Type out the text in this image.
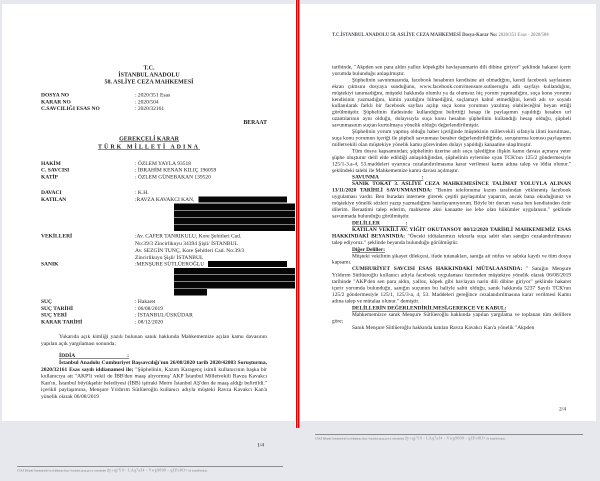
T.C.
İSTANBUL ANADOLU
58. ASLİYE CEZA MAHKEMESİ
DOSYA NO	: 2020/351 Esas
KARAR NO	: 2020/504
C.SAVCILIĞI ESAS NO	: 2020/32161
BERAAT
GEREKÇELİ KARAR
TÜRK MİLLETİ ADINA
HAKİM	: ÖZLEM YAYLA 93518
C. SAVCISI	: İBRAHİM KENAN KILIÇ 196059
KATİP	: ÖZLEM GÜNEBAKAN 139520
DAVACI	: K.H.
KATILAN	:RAVZA KAVAKCI KAN,
VEKİLLERİ	:Av. CAFER TANRIKULU, Kore Şehitleri Cad.
No:39/3 Zincirlikuyu 34394 Şişli/ İSTANBUL
Av. SEZGİN TUNÇ, Kore Şehitleri Cad. No:39/3
Zincirlikuyu Şişli/ İSTANBUL
SANIK	:MENŞURE SÜTLÜEROĞLU
SUÇ	: Hakaret
SUÇ TARİHİ	: 06/08/2019
SUÇ YERİ	: İSTANBUL/ÜSKÜDAR
KARAR TARİHİ	: 08/12/2020

Yukarıda açık kimliği yazılı bulunan sanık hakkında Mahkememize açılan kamu davasının yapılan açık yargılaması sonunda;

İDDİA                                      :

İstanbul Anadolu Cumhuriyet Başsavcılığı'nın 26/08/2020 tarih 2020/42083 Soruşturma, 2020/32161 Esas sayılı iddianamesi ile; "Şüphelinin, Kazım Karagenç isimli kullanıcının başka bir kullanıcıya ait "AKP'li vekil de İBB'den maaş alıyormuş' AKP İstanbul Milletvekili Ravza Kavakcı Kan'ın, İstanbul büyükşehir belediyesi (İBB) iştiraki Metro İstanbul AŞ'den de maaş aldığı belirtildi." içerikli paylaşımına, Menşure Yıldırım Sütlüeroğlu kullanıcı adıyla müşteki Ravza Kavakcı Kan'a yönelik olarak 06/08/2019

1/4
UYAP Bilişim Sistemindeki bu dokümana http://vatandas.uyap.gov.tr adresinden dy+qj/Y0 - LAq7aJ4 - Vwp9800 - qZPo8O= ile erişebilirsiniz.
T.C.İSTANBUL ANADOLU 58. ASLİYE CEZA MAHKEMESİ Dosya-Karar No: 2020/351 Esas - 2020/504

tarihinde, "Akpden sen para aldın yalloz köpekgibi havlayanmarin dili dibine giriyor" şeklinde hakaret içerir yorumda bulunduğu anlaşılmıştır.

Şüphelinin savunmasında, facebook hesabının kendisine ait olmadığını, kendi facebook sayfasının ekran çıktısını dosyaya sunduğunu, www.facebook.com/mensure.sutlueroglu adlı sayfayı kullandığını, müştekiyi tanımadığını, müşteki hakkında olumlu ya da olumsuz hiç yorum yapmadığını, suça konu yorumu kendisinin yazmadığını, kimin yazdığını bilmediğini, suçlamayı kabul etmediğini, kendi adı ve soyadı kullanılarak farklı bir facebook sayfası açılıp suça konu yorumun yazılmış olabileceğini beyan ettiği görülmüştür. Şüphelinin ifadesinde kullandığını belirttiği hesap ile paylaşımın yapıldığı hesabın url uzantılarının aynı olduğu, dolayısıyla suça konu hesabın şüphelinin kullandığı hesap olduğu, şüpheli savunmasının suçtan kurtulmaya yönelik olduğu değerlendirilmiştir.

Şüphelinin yorum yapmış olduğu haber içeriğinde müştekinin milletvekili sıfatıyla ilinti kurulması, suça konu yorumun içeriği ile şüpheli savunması beraber değerlendirildiğinde, soruşturma konusu paylaşımın milletvekili olan müştekiye yönelik kamu görevinden dolayı yapıldığı kanaatine ulaşılmıştır.

Tüm dosya kapsamından; şüphelinin üzerine atılı suçu işlediğine ilişkin kamu davası açmaya yeter şüphe oluşturur delil elde edildiği anlaşıldığından, şüphelinin eylemine uyan TCK'nın 125/2 göndermesiyle 125/1-3.a-4, 53.maddeleri uyarınca cezalandırılmasına karar verilmesi kamu adına talep ve iddia olunur." şeklindeki talebi ile Mahkememize kamu davası açılmıştır.

SAVUNMA                                :

SANIK TOKAT 3. ASLİYE CEZA MAHKEMESİNCE TALİMAT YOLUYLA ALINAN 13/11/2020 TARİHLİ SAVUNMASINDA: "Benim telefonuma kızım tarafından yüklenmiş facebook uygulaması vardır. Ben buradan internete girerek çeşitli paylaşımlar yaparım, ancak bana okuduğunuz ve müştekiye yönelik sözleri yazıp yazmadığımı hatırlayamıyorum. Böyle bir durum varsa ben kendisinden özür dilerim. Beraatimi talep ederim, mahkeme aksi kanaatte ise lehe olan hükümler uygulansın." şeklinde savunmada bulunduğu görülmüştür.

DELİLLER                   :

KATILAN VEKİLİ AV. YİĞİT OKUTANSOY 08/12/2020 TARİHLİ MAHKEMEMİZ ESAS HAKKINDAKİ BEYANINDA: "Önceki iddialarımızı tekrarla suça sabit olan sanığın cezalandırılmasını talep ediyoruz." şeklinde beyanda bulunduğu görülmüştür.

Diğer Deliller:

Müşteki vekilinin şikayet dilekçesi, ifade tutanakları, sanığa ait nüfus ve sabıka kaydı ve tüm dosya kapsamı.

CUMHURİYET SAVCISI ESAS HAKKINDAKİ MÜTALAASINDA: " Sanığın Menşure Yıldırım Sütlüeroğlu kullanıcı adıyla facebook uygulaması üzerinden müştekiye yönelik olarak 06/08/2019 tarihinde "AKP'den sen para aldın, yalloz, köpek gibi havlayan narin dili dibine giriyor" şeklinde hakaret içerir yorumda bulunduğu, sanığın suçunun bu haliyle sabit olduğu, sanık hakkında 5237 Sayılı TCK'nın 125/2 göndermesiyle 125/1, 125/3-a, 4, 53. Maddeleri gereğince cezalandırılmasına karar verilmesi Kamu adına talep ve mütalaa olunur." demiştir.

DELİLLERİN DEĞERLENDİRİLMESİ,GEREKÇE VE KABUL:

Mahkememizce sanık Menşure Sütlüeroğlu hakkında yapılan yargılama ve toplanan tüm delillere göre;

Sanık Menşure Sütlüeroğlu hakkında katılan Ravza Kavakcı Kan'a yönelik "Akpden

2/4
UYAP Bilişim Sistemindeki bu dokümana http://vatandas.uyap.gov.tr adresinden dy+qj/Y0 - LAq7aJ4 - Vwp9800 - qZPo8O= ile erişebilirsiniz.
